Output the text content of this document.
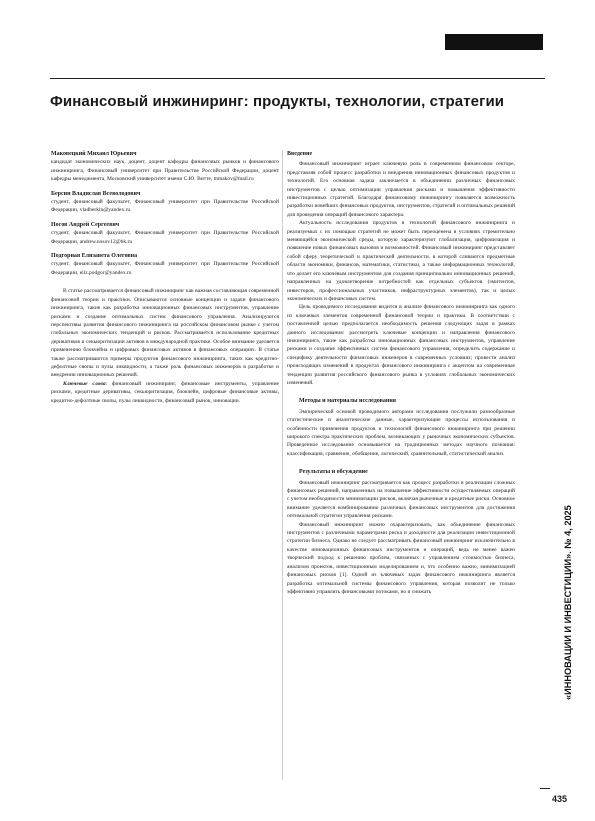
Финансовый инжиниринг: продукты, технологии, стратегии
Маковецкий Михаил Юрьевич
кандидат экономических наук, доцент, доцент кафедры финансовых рынков и финансового инжиниринга, Финансовый университет при Правительстве Российской Федерации, доцент кафедры менеджмента, Московский университет имени С.Ю. Витте, mmakov@mail.ru
Берсин Владислав Всеволодович
студент, финансовый факультет, Финансовый университет при Правительстве Российской Федерации, vladberkin@yandex.ru
Носов Андрей Сергеевич
студент, финансовый факультет, Финансовый университет при Правительстве Российской Федерации, andrew.nosov12@bk.ru
Подгорная Елизавета Олеговна
студент, финансовый факультет, Финансовый университет при Правительстве Российской Федерации, eliz.podgor@yandex.ru

В статье рассматривается финансовый инжиниринг как важная составляющая современной финансовой теории и практики. Описываются основные концепции и задачи финансового инжиниринга, такие как разработка инновационных финансовых инструментов, управление рисками и создание оптимальных систем финансового управления. Анализируются перспективы развития финансового инжиниринга на российском финансовом рынке с учетом глобальных экономических тенденций и рисков. Рассматривается использование кредитных деривативов и секьюритизации активов в международной практике. Особое внимание уделяется применению блокчейна и цифровых финансовых активов в финансовых операциях. В статье также рассматриваются примеры продуктов финансового инжиниринга, таких как кредитно-дефолтные свопы и пулы ликвидности, а также роль финансовых инженеров в разработке и внедрении инновационных решений.

Ключевые слова: финансовый инжиниринг, финансовые инструменты, управление рисками, кредитные деривативы, секьюритизация, блокчейн, цифровые финансовые активы, кредитно-дефолтные свопы, пулы ликвидности, финансовый рынок, инновации.

Введение

Финансовый инжиниринг играет ключевую роль в современном финансовом секторе, представляя собой процесс разработки и внедрения инновационных финансовых продуктов и технологий. Его основная задача заключается в объединении различных финансовых инструментов с целью оптимизации управления рисками и повышения эффективности инвестиционных стратегий. Благодаря финансовому инжинирингу появляется возможность разработки новейших финансовых продуктов, инструментов, стратегий и оптимальных решений для проведения операций финансового характера.

Актуальность исследования продуктов и технологий финансового инжиниринга и реализуемых с их помощью стратегий не может быть переоценена в условиях стремительно меняющейся экономической среды, которую характеризуют глобализация, цифровизация и появление новых финансовых вызовов и возможностей. Финансовый инжиниринг представляет собой сферу теоретической и практической деятельности, в которой сливаются предметные области экономики, финансов, математики, статистики, а также информационных технологий, что делает его ключевым инструментом для создания принципиально инновационных решений, направленных на удовлетворение потребностей как отдельных субъектов (эмитентов, инвесторов, профессиональных участников, инфраструктурных элементов), так и целых экономических и финансовых систем.

Цель проводимого исследования видится в анализе финансового инжиниринга как одного из ключевых элементов современной финансовой теории и практики. В соответствии с поставленной целью предполагается необходимость решения следующих задач в рамках данного исследования: рассмотреть ключевые концепции и направления финансового инжиниринга, такие как разработка инновационных финансовых инструментов, управление рисками и создание эффективных систем финансового управления; определить содержание и специфику деятельности финансовых инженеров в современных условиях; провести анализ происходящих изменений в продуктах финансового инжиниринга с акцентом на современные тенденции развития российского финансового рынка в условиях глобальных экономических изменений.

Методы и материалы исследования

Эмпирической основой проводимого авторами исследования послужили разнообразные статистические и аналитические данные, характеризующие процессы использования и особенности применения продуктов и технологий финансового инжиниринга при решении широкого спектра практических проблем, возникающих у рыночных экономических субъектов. Проведенное исследование основывается на традиционных методах научного познания: классификация, сравнение, обобщение, логический, сравнительный, статистический анализ.

Результаты и обсуждение

Финансовый инжиниринг рассматривается как процесс разработки и реализации сложных финансовых решений, направленных на повышение эффективности осуществляемых операций с учетом необходимости минимизации рисков, включая рыночные и кредитные риски. Основное внимание уделяется комбинированию различных финансовых инструментов для достижения оптимальной стратегии управления рисками.

Финансовый инжиниринг можно охарактеризовать, как объединение финансовых инструментов с различными параметрами риска и доходности для реализации инвестиционной стратегии бизнеса. Однако не следует рассматривать финансовый инжиниринг исключительно в качестве инновационных финансовых инструментов и операций, ведь не менее важен творческий подход к решению проблем, связанных с управлением стоимостью бизнеса, анализом проектов, инвестиционным моделированием и, что особенно важно, минимизацией финансовых рисков [1]. Одной из ключевых задач финансового инжиниринга является разработка оптимальной системы финансового управления, которая позволит не только эффективно управлять финансовыми потоками, но и снижать	«ИННОВАЦИИ И ИНВЕСТИЦИИ». № 4, 2025
435
